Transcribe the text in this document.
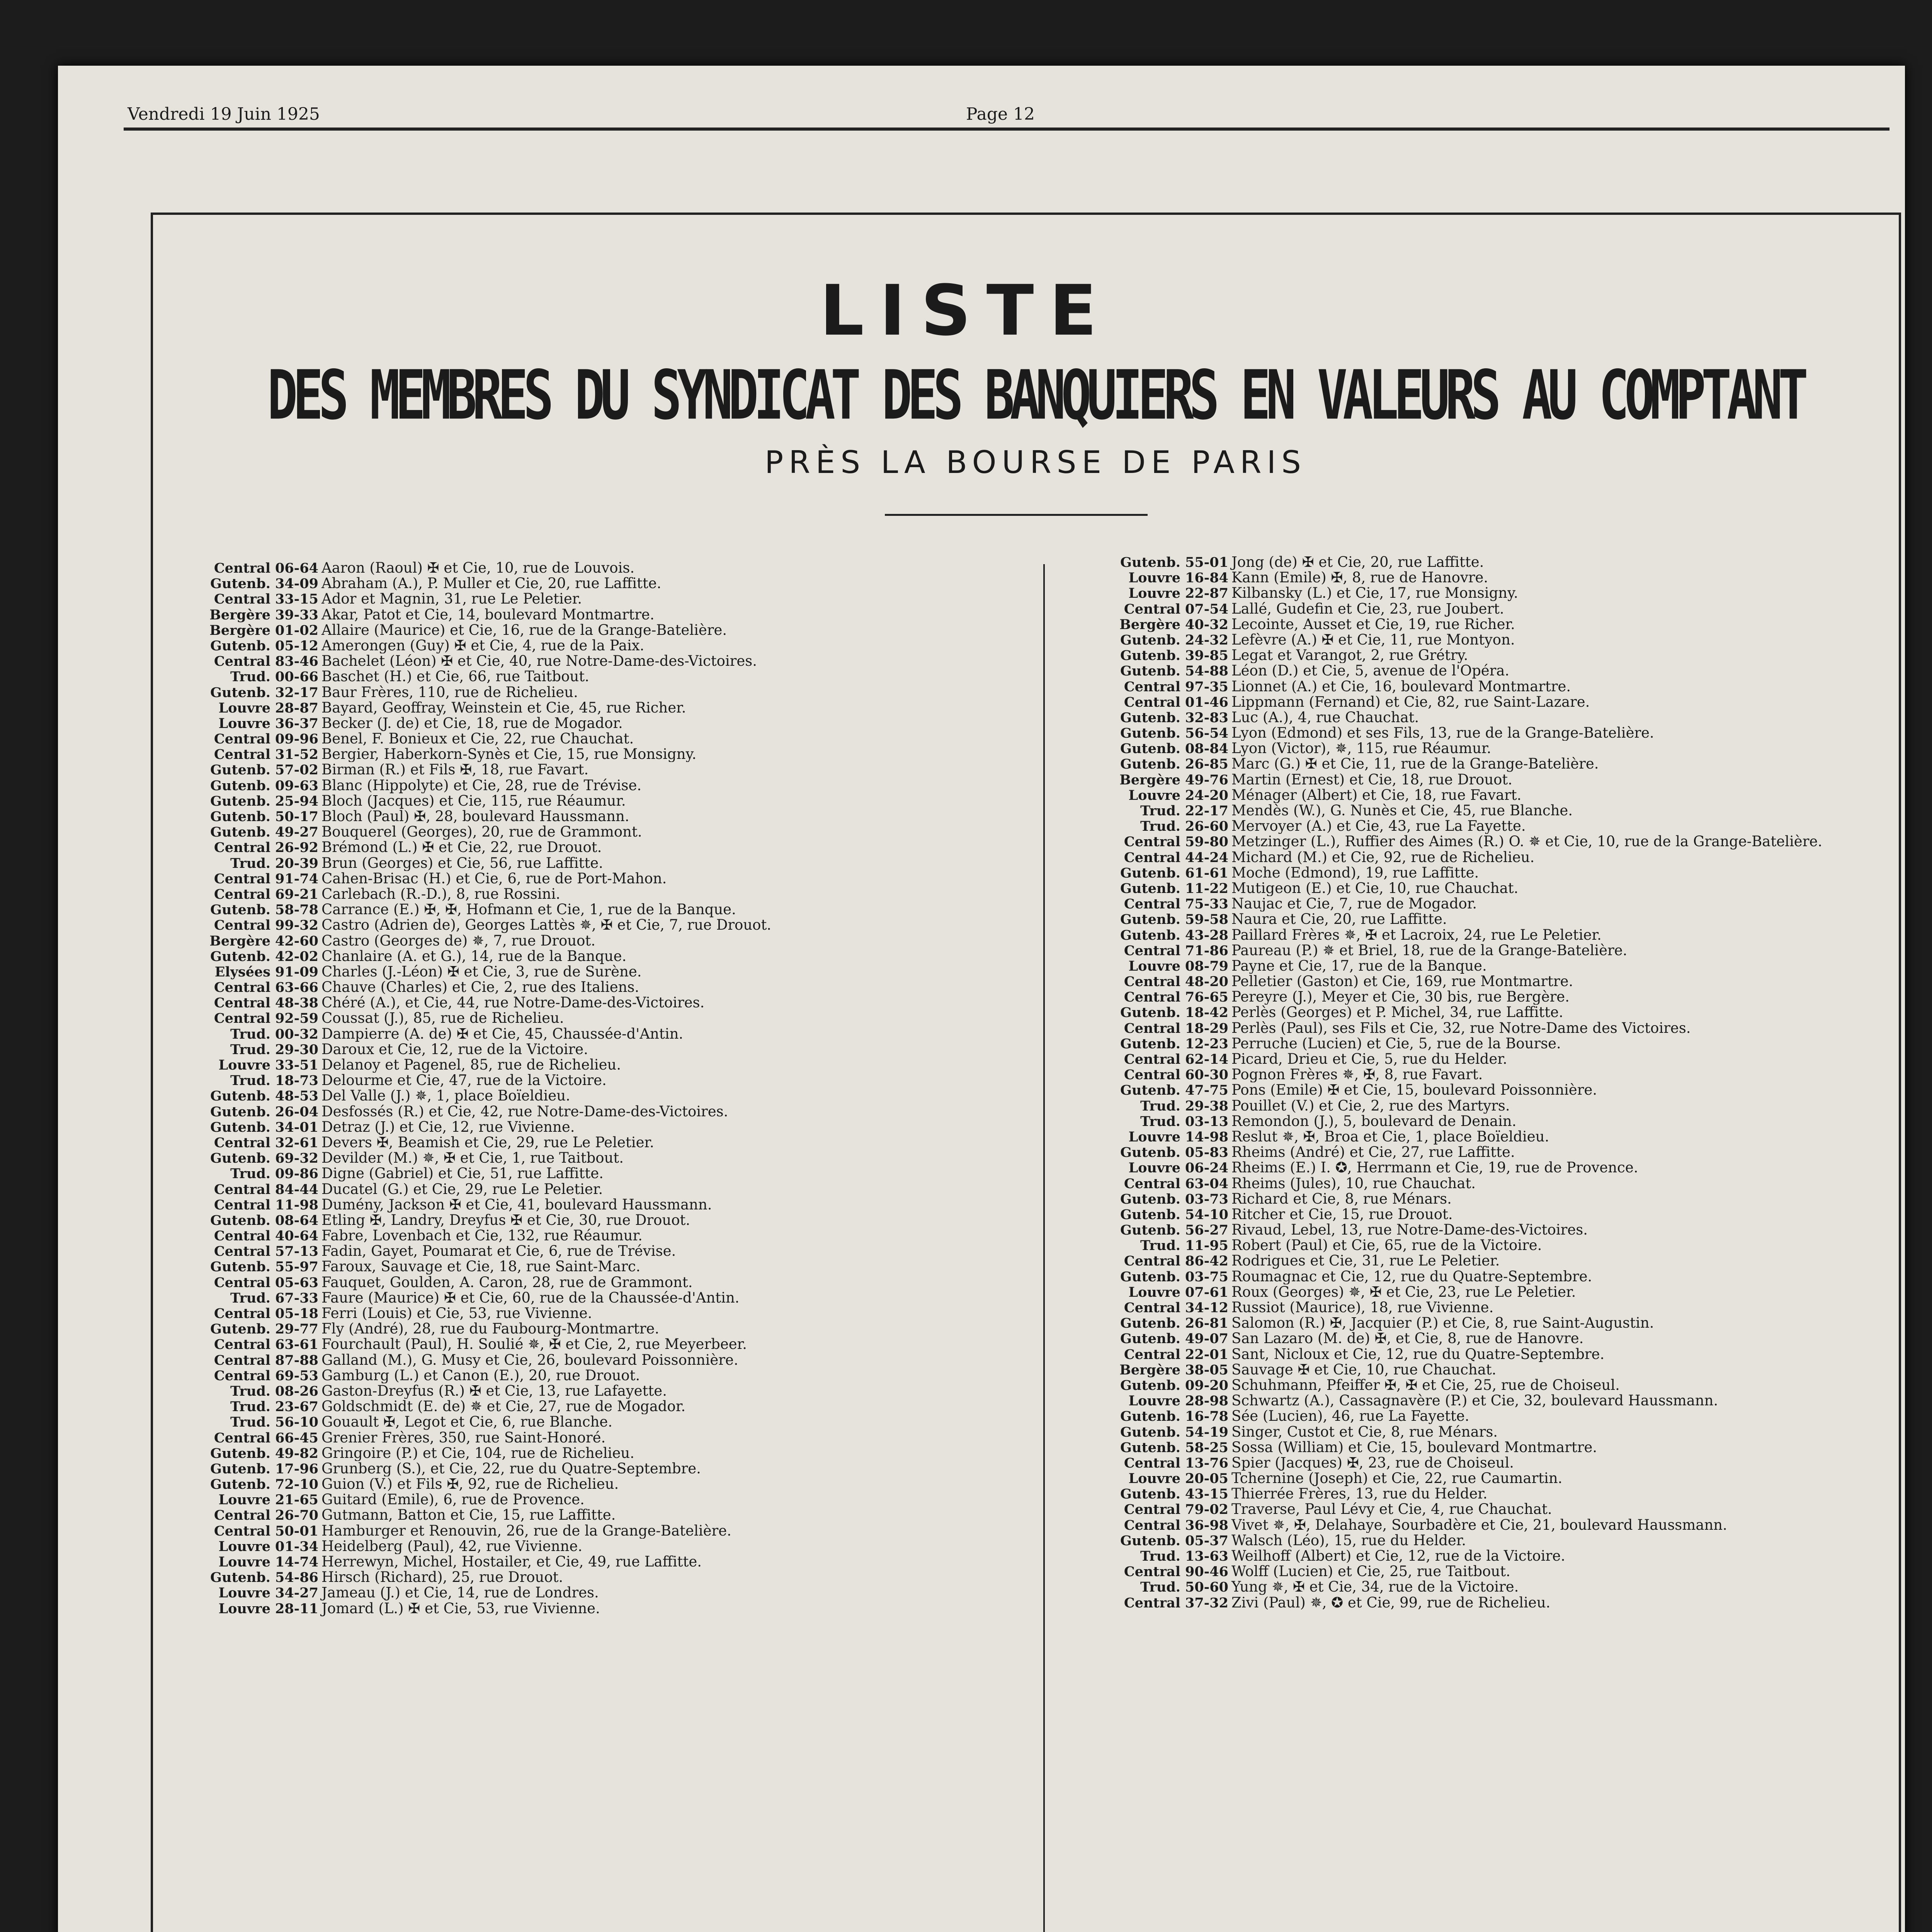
Vendredi 19 Juin 1925	Page 12
LISTE
DES MEMBRES DU SYNDICAT DES BANQUIERS EN VALEURS AU COMPTANT
PRÈS LA BOURSE DE PARIS
Central 06-64 Aaron (Raoul) ✠ et Cie, 10, rue de Louvois.
Gutenb. 34-09 Abraham (A.), P. Muller et Cie, 20, rue Laffitte.
Central 33-15 Ador et Magnin, 31, rue Le Peletier.
Bergère 39-33 Akar, Patot et Cie, 14, boulevard Montmartre.
Bergère 01-02 Allaire (Maurice) et Cie, 16, rue de la Grange-Batelière.
Gutenb. 05-12 Amerongen (Guy) ✠ et Cie, 4, rue de la Paix.
Central 83-46 Bachelet (Léon) ✠ et Cie, 40, rue Notre-Dame-des-Victoires.
Trud. 00-66 Baschet (H.) et Cie, 66, rue Taitbout.
Gutenb. 32-17 Baur Frères, 110, rue de Richelieu.
Louvre 28-87 Bayard, Geoffray, Weinstein et Cie, 45, rue Richer.
Louvre 36-37 Becker (J. de) et Cie, 18, rue de Mogador.
Central 09-96 Benel, F. Bonieux et Cie, 22, rue Chauchat.
Central 31-52 Bergier, Haberkorn-Synès et Cie, 15, rue Monsigny.
Gutenb. 57-02 Birman (R.) et Fils ✠, 18, rue Favart.
Gutenb. 09-63 Blanc (Hippolyte) et Cie, 28, rue de Trévise.
Gutenb. 25-94 Bloch (Jacques) et Cie, 115, rue Réaumur.
Gutenb. 50-17 Bloch (Paul) ✠, 28, boulevard Haussmann.
Gutenb. 49-27 Bouquerel (Georges), 20, rue de Grammont.
Central 26-92 Brémond (L.) ✠ et Cie, 22, rue Drouot.
Trud. 20-39 Brun (Georges) et Cie, 56, rue Laffitte.
Central 91-74 Cahen-Brisac (H.) et Cie, 6, rue de Port-Mahon.
Central 69-21 Carlebach (R.-D.), 8, rue Rossini.
Gutenb. 58-78 Carrance (E.) ✠, ✠, Hofmann et Cie, 1, rue de la Banque.
Central 99-32 Castro (Adrien de), Georges Lattès ✵, ✠ et Cie, 7, rue Drouot.
Bergère 42-60 Castro (Georges de) ✵, 7, rue Drouot.
Gutenb. 42-02 Chanlaire (A. et G.), 14, rue de la Banque.
Elysées 91-09 Charles (J.-Léon) ✠ et Cie, 3, rue de Surène.
Central 63-66 Chauve (Charles) et Cie, 2, rue des Italiens.
Central 48-38 Chéré (A.), et Cie, 44, rue Notre-Dame-des-Victoires.
Central 92-59 Coussat (J.), 85, rue de Richelieu.
Trud. 00-32 Dampierre (A. de) ✠ et Cie, 45, Chaussée-d'Antin.
Trud. 29-30 Daroux et Cie, 12, rue de la Victoire.
Louvre 33-51 Delanoy et Pagenel, 85, rue de Richelieu.
Trud. 18-73 Delourme et Cie, 47, rue de la Victoire.
Gutenb. 48-53 Del Valle (J.) ✵, 1, place Boïeldieu.
Gutenb. 26-04 Desfossés (R.) et Cie, 42, rue Notre-Dame-des-Victoires.
Gutenb. 34-01 Detraz (J.) et Cie, 12, rue Vivienne.
Central 32-61 Devers ✠, Beamish et Cie, 29, rue Le Peletier.
Gutenb. 69-32 Devilder (M.) ✵, ✠ et Cie, 1, rue Taitbout.
Trud. 09-86 Digne (Gabriel) et Cie, 51, rue Laffitte.
Central 84-44 Ducatel (G.) et Cie, 29, rue Le Peletier.
Central 11-98 Dumény, Jackson ✠ et Cie, 41, boulevard Haussmann.
Gutenb. 08-64 Etling ✠, Landry, Dreyfus ✠ et Cie, 30, rue Drouot.
Central 40-64 Fabre, Lovenbach et Cie, 132, rue Réaumur.
Central 57-13 Fadin, Gayet, Poumarat et Cie, 6, rue de Trévise.
Gutenb. 55-97 Faroux, Sauvage et Cie, 18, rue Saint-Marc.
Central 05-63 Fauquet, Goulden, A. Caron, 28, rue de Grammont.
Trud. 67-33 Faure (Maurice) ✠ et Cie, 60, rue de la Chaussée-d'Antin.
Central 05-18 Ferri (Louis) et Cie, 53, rue Vivienne.
Gutenb. 29-77 Fly (André), 28, rue du Faubourg-Montmartre.
Central 63-61 Fourchault (Paul), H. Soulié ✵, ✠ et Cie, 2, rue Meyerbeer.
Central 87-88 Galland (M.), G. Musy et Cie, 26, boulevard Poissonnière.
Central 69-53 Gamburg (L.) et Canon (E.), 20, rue Drouot.
Trud. 08-26 Gaston-Dreyfus (R.) ✠ et Cie, 13, rue Lafayette.
Trud. 23-67 Goldschmidt (E. de) ✵ et Cie, 27, rue de Mogador.
Trud. 56-10 Gouault ✠, Legot et Cie, 6, rue Blanche.
Central 66-45 Grenier Frères, 350, rue Saint-Honoré.
Gutenb. 49-82 Gringoire (P.) et Cie, 104, rue de Richelieu.
Gutenb. 17-96 Grunberg (S.), et Cie, 22, rue du Quatre-Septembre.
Gutenb. 72-10 Guion (V.) et Fils ✠, 92, rue de Richelieu.
Louvre 21-65 Guitard (Emile), 6, rue de Provence.
Central 26-70 Gutmann, Batton et Cie, 15, rue Laffitte.
Central 50-01 Hamburger et Renouvin, 26, rue de la Grange-Batelière.
Louvre 01-34 Heidelberg (Paul), 42, rue Vivienne.
Louvre 14-74 Herrewyn, Michel, Hostailer, et Cie, 49, rue Laffitte.
Gutenb. 54-86 Hirsch (Richard), 25, rue Drouot.
Louvre 34-27 Jameau (J.) et Cie, 14, rue de Londres.
Louvre 28-11 Jomard (L.) ✠ et Cie, 53, rue Vivienne.
Gutenb. 55-01 Jong (de) ✠ et Cie, 20, rue Laffitte.
Louvre 16-84 Kann (Emile) ✠, 8, rue de Hanovre.
Louvre 22-87 Kilbansky (L.) et Cie, 17, rue Monsigny.
Central 07-54 Lallé, Gudefin et Cie, 23, rue Joubert.
Bergère 40-32 Lecointe, Ausset et Cie, 19, rue Richer.
Gutenb. 24-32 Lefèvre (A.) ✠ et Cie, 11, rue Montyon.
Gutenb. 39-85 Legat et Varangot, 2, rue Grétry.
Gutenb. 54-88 Léon (D.) et Cie, 5, avenue de l'Opéra.
Central 97-35 Lionnet (A.) et Cie, 16, boulevard Montmartre.
Central 01-46 Lippmann (Fernand) et Cie, 82, rue Saint-Lazare.
Gutenb. 32-83 Luc (A.), 4, rue Chauchat.
Gutenb. 56-54 Lyon (Edmond) et ses Fils, 13, rue de la Grange-Batelière.
Gutenb. 08-84 Lyon (Victor), ✵, 115, rue Réaumur.
Gutenb. 26-85 Marc (G.) ✠ et Cie, 11, rue de la Grange-Batelière.
Bergère 49-76 Martin (Ernest) et Cie, 18, rue Drouot.
Louvre 24-20 Ménager (Albert) et Cie, 18, rue Favart.
Trud. 22-17 Mendès (W.), G. Nunès et Cie, 45, rue Blanche.
Trud. 26-60 Mervoyer (A.) et Cie, 43, rue La Fayette.
Central 59-80 Metzinger (L.), Ruffier des Aimes (R.) O. ✵ et Cie, 10, rue de la Grange-Batelière.
Central 44-24 Michard (M.) et Cie, 92, rue de Richelieu.
Gutenb. 61-61 Moche (Edmond), 19, rue Laffitte.
Gutenb. 11-22 Mutigeon (E.) et Cie, 10, rue Chauchat.
Central 75-33 Naujac et Cie, 7, rue de Mogador.
Gutenb. 59-58 Naura et Cie, 20, rue Laffitte.
Gutenb. 43-28 Paillard Frères ✵, ✠ et Lacroix, 24, rue Le Peletier.
Central 71-86 Paureau (P.) ✵ et Briel, 18, rue de la Grange-Batelière.
Louvre 08-79 Payne et Cie, 17, rue de la Banque.
Central 48-20 Pelletier (Gaston) et Cie, 169, rue Montmartre.
Central 76-65 Pereyre (J.), Meyer et Cie, 30 bis, rue Bergère.
Gutenb. 18-42 Perlès (Georges) et P. Michel, 34, rue Laffitte.
Central 18-29 Perlès (Paul), ses Fils et Cie, 32, rue Notre-Dame des Victoires.
Gutenb. 12-23 Perruche (Lucien) et Cie, 5, rue de la Bourse.
Central 62-14 Picard, Drieu et Cie, 5, rue du Helder.
Central 60-30 Pognon Frères ✵, ✠, 8, rue Favart.
Gutenb. 47-75 Pons (Emile) ✠ et Cie, 15, boulevard Poissonnière.
Trud. 29-38 Pouillet (V.) et Cie, 2, rue des Martyrs.
Trud. 03-13 Remondon (J.), 5, boulevard de Denain.
Louvre 14-98 Reslut ✵, ✠, Broa et Cie, 1, place Boïeldieu.
Gutenb. 05-83 Rheims (André) et Cie, 27, rue Laffitte.
Louvre 06-24 Rheims (E.) I. ✪, Herrmann et Cie, 19, rue de Provence.
Central 63-04 Rheims (Jules), 10, rue Chauchat.
Gutenb. 03-73 Richard et Cie, 8, rue Ménars.
Gutenb. 54-10 Ritcher et Cie, 15, rue Drouot.
Gutenb. 56-27 Rivaud, Lebel, 13, rue Notre-Dame-des-Victoires.
Trud. 11-95 Robert (Paul) et Cie, 65, rue de la Victoire.
Central 86-42 Rodrigues et Cie, 31, rue Le Peletier.
Gutenb. 03-75 Roumagnac et Cie, 12, rue du Quatre-Septembre.
Louvre 07-61 Roux (Georges) ✵, ✠ et Cie, 23, rue Le Peletier.
Central 34-12 Russiot (Maurice), 18, rue Vivienne.
Gutenb. 26-81 Salomon (R.) ✠, Jacquier (P.) et Cie, 8, rue Saint-Augustin.
Gutenb. 49-07 San Lazaro (M. de) ✠, et Cie, 8, rue de Hanovre.
Central 22-01 Sant, Nicloux et Cie, 12, rue du Quatre-Septembre.
Bergère 38-05 Sauvage ✠ et Cie, 10, rue Chauchat.
Gutenb. 09-20 Schuhmann, Pfeiffer ✠, ✠ et Cie, 25, rue de Choiseul.
Louvre 28-98 Schwartz (A.), Cassagnavère (P.) et Cie, 32, boulevard Haussmann.
Gutenb. 16-78 Sée (Lucien), 46, rue La Fayette.
Gutenb. 54-19 Singer, Custot et Cie, 8, rue Ménars.
Gutenb. 58-25 Sossa (William) et Cie, 15, boulevard Montmartre.
Central 13-76 Spier (Jacques) ✠, 23, rue de Choiseul.
Louvre 20-05 Tchernine (Joseph) et Cie, 22, rue Caumartin.
Gutenb. 43-15 Thierrée Frères, 13, rue du Helder.
Central 79-02 Traverse, Paul Lévy et Cie, 4, rue Chauchat.
Central 36-98 Vivet ✵, ✠, Delahaye, Sourbadère et Cie, 21, boulevard Haussmann.
Gutenb. 05-37 Walsch (Léo), 15, rue du Helder.
Trud. 13-63 Weilhoff (Albert) et Cie, 12, rue de la Victoire.
Central 90-46 Wolff (Lucien) et Cie, 25, rue Taitbout.
Trud. 50-60 Yung ✵, ✠ et Cie, 34, rue de la Victoire.
Central 37-32 Zivi (Paul) ✵, ✪ et Cie, 99, rue de Richelieu.
